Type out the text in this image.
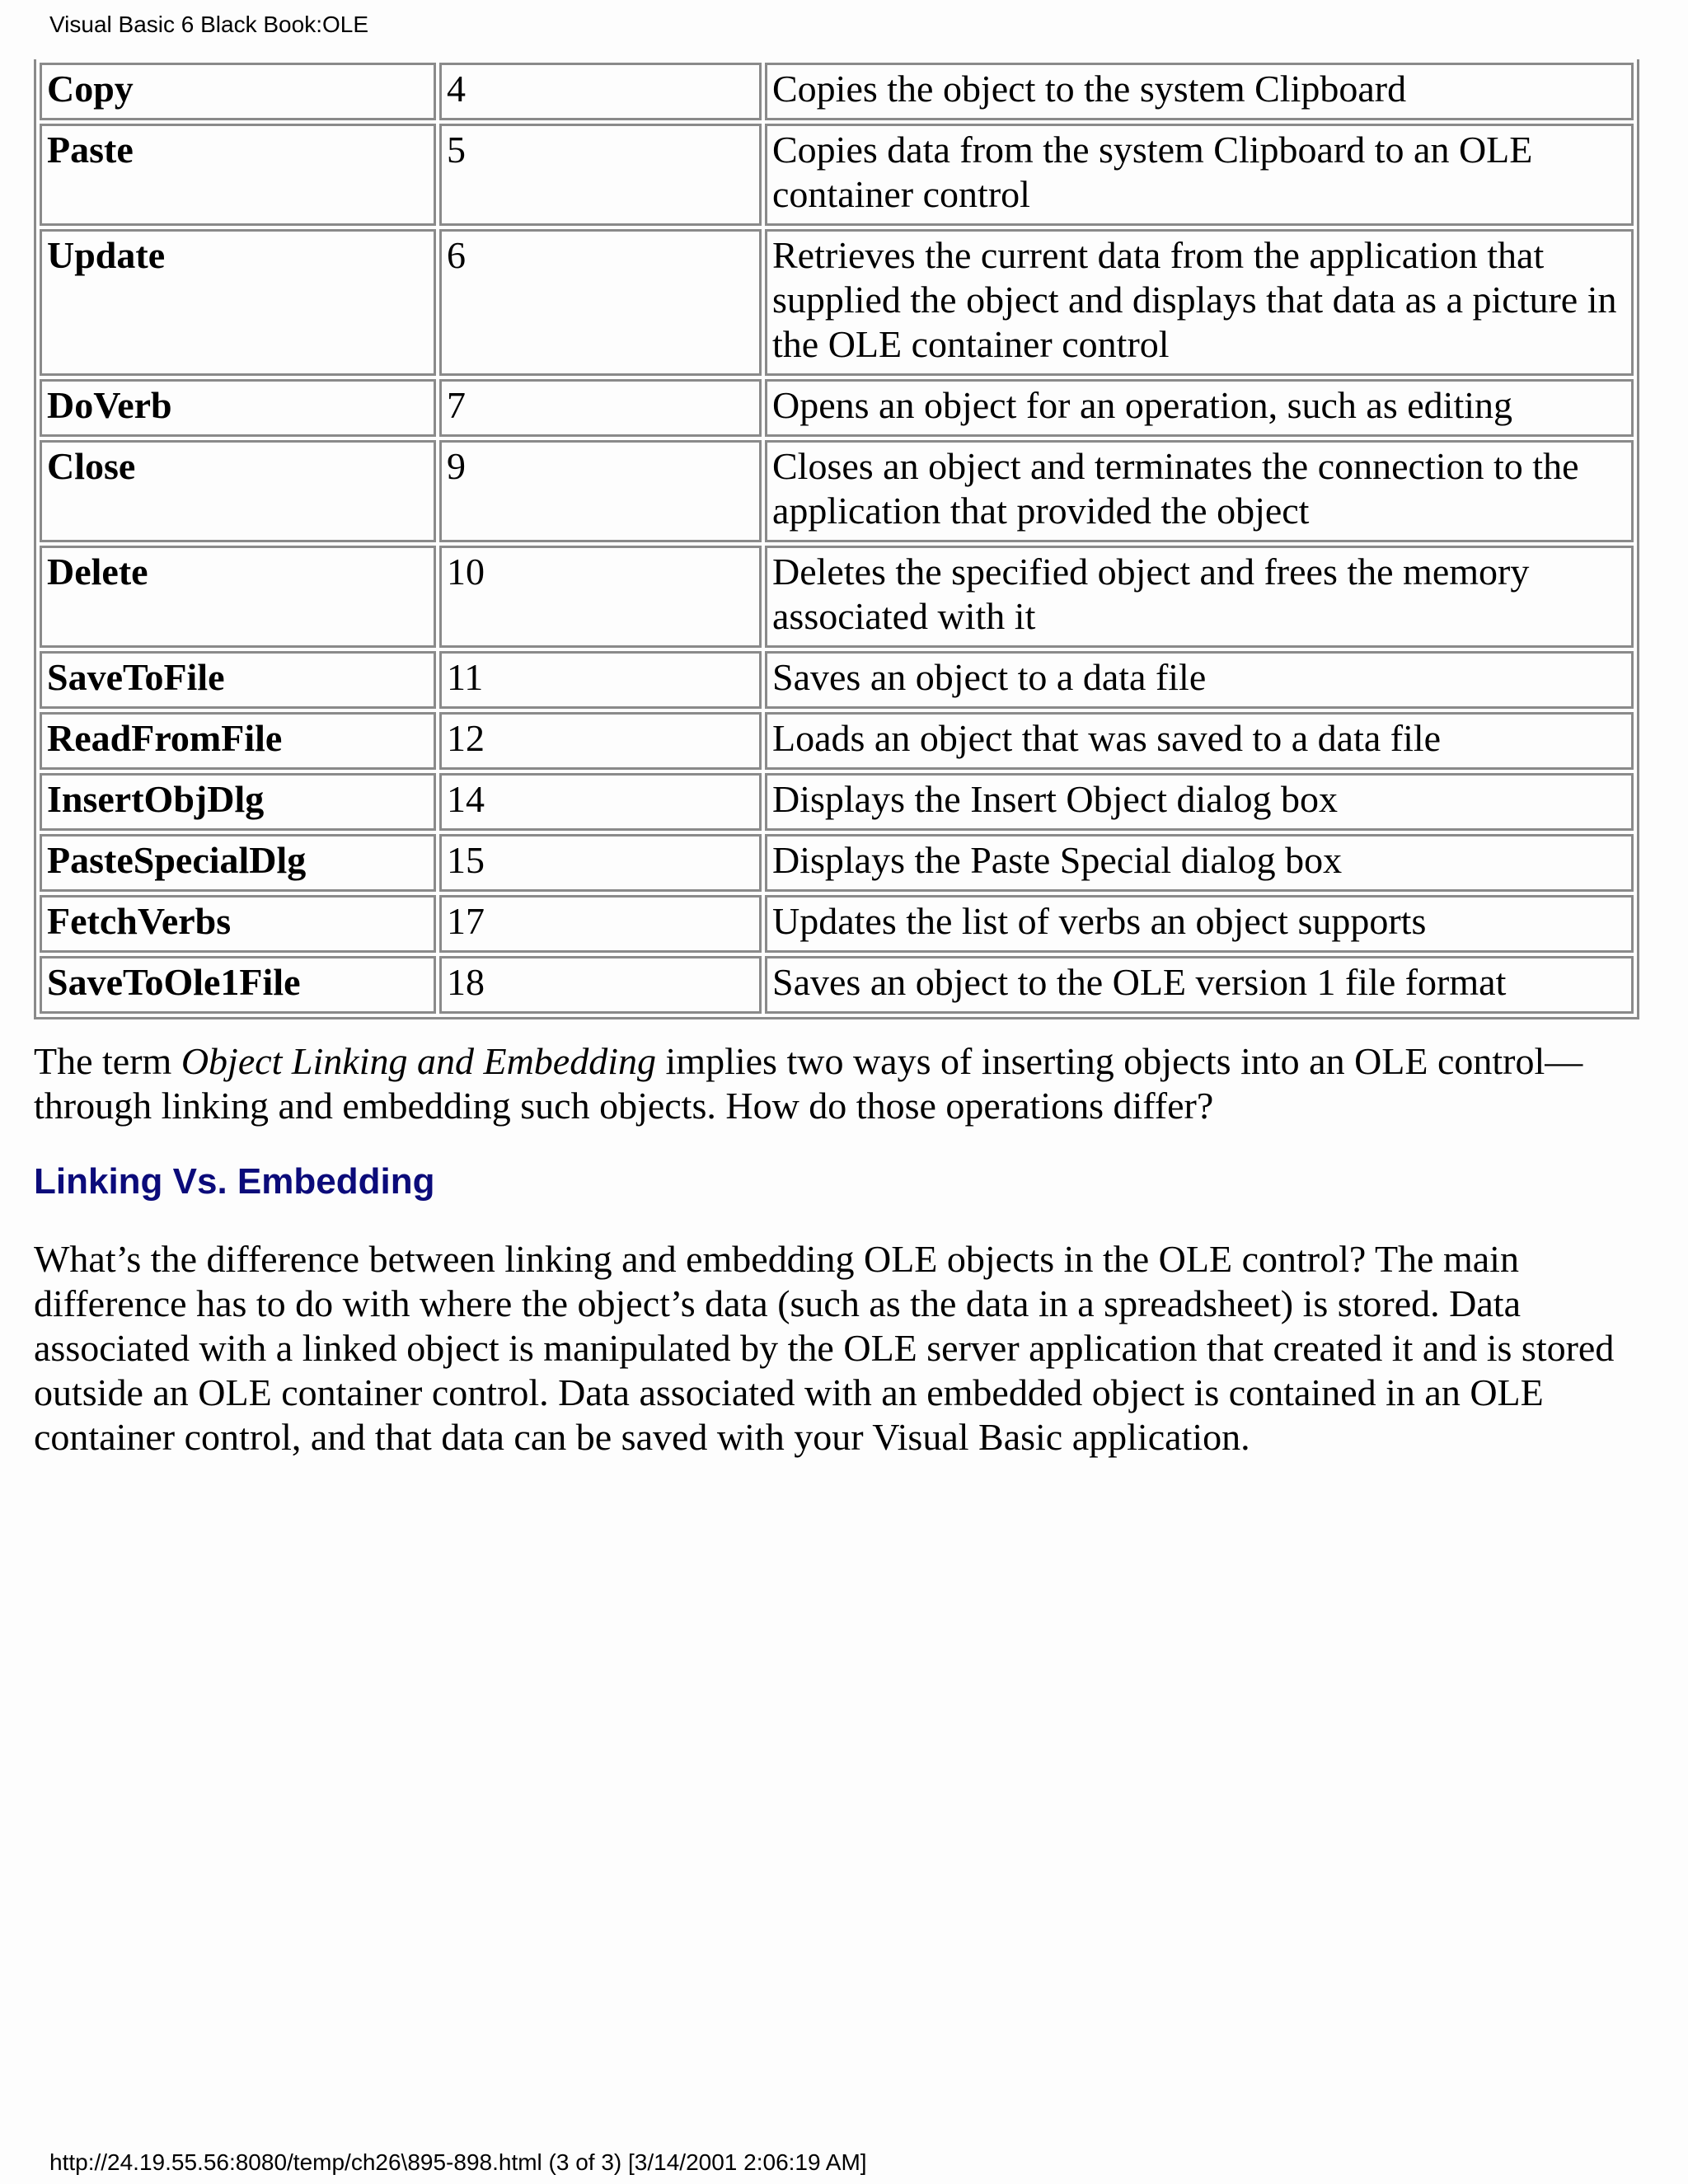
Visual Basic 6 Black Book:OLE
Copy	4	Copies the object to the system Clipboard
Paste	5	Copies data from the system Clipboard to an OLE container control
Update	6	Retrieves the current data from the application that supplied the object and displays that data as a picture in the OLE container control
DoVerb	7	Opens an object for an operation, such as editing
Close	9	Closes an object and terminates the connection to the application that provided the object
Delete	10	Deletes the specified object and frees the memory associated with it
SaveToFile	11	Saves an object to a data file
ReadFromFile	12	Loads an object that was saved to a data file
InsertObjDlg	14	Displays the Insert Object dialog box
PasteSpecialDlg	15	Displays the Paste Special dialog box
FetchVerbs	17	Updates the list of verbs an object supports
SaveToOle1File	18	Saves an object to the OLE version 1 file format

The term Object Linking and Embedding implies two ways of inserting objects into an OLE control—through linking and embedding such objects. How do those operations differ?

Linking Vs. Embedding

What’s the difference between linking and embedding OLE objects in the OLE control? The main difference has to do with where the object’s data (such as the data in a spreadsheet) is stored. Data associated with a linked object is manipulated by the OLE server application that created it and is stored outside an OLE container control. Data associated with an embedded object is contained in an OLE container control, and that data can be saved with your Visual Basic application.

http://24.19.55.56:8080/temp/ch26\895-898.html (3 of 3) [3/14/2001 2:06:19 AM]
